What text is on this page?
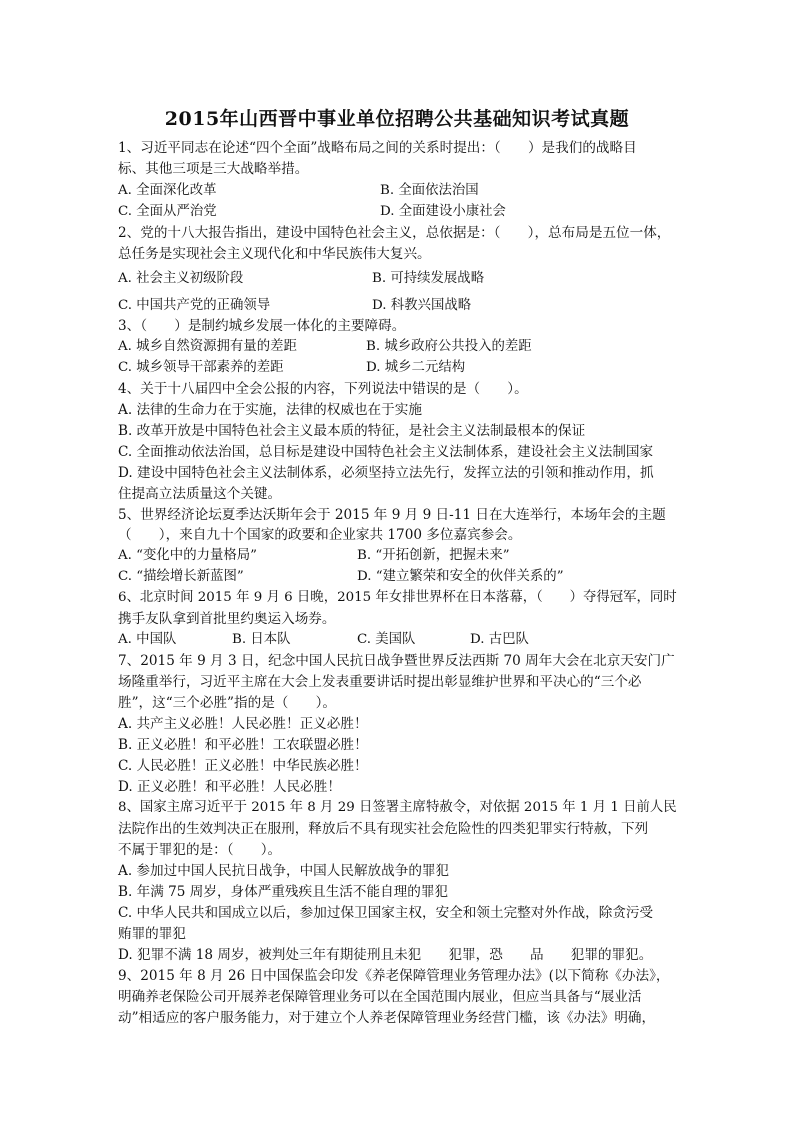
2015年山西晋中事业单位招聘公共基础知识考试真题
1、习近平同志在论述“四个全面”战略布局之间的关系时提出：（　　）是我们的战略目
标、其他三项是三大战略举措。
A. 全面深化改革	B. 全面依法治国
C. 全面从严治党	D. 全面建设小康社会
2、党的十八大报告指出，建设中国特色社会主义，总依据是：（　　），总布局是五位一体，
总任务是实现社会主义现代化和中华民族伟大复兴。
A. 社会主义初级阶段	B. 可持续发展战略
C. 中国共产党的正确领导	D. 科教兴国战略
3、（　　）是制约城乡发展一体化的主要障碍。
A. 城乡自然资源拥有量的差距	B. 城乡政府公共投入的差距
C. 城乡领导干部素养的差距	D. 城乡二元结构
4、关于十八届四中全会公报的内容，下列说法中错误的是（　　）。
A. 法律的生命力在于实施，法律的权威也在于实施
B. 改革开放是中国特色社会主义最本质的特征，是社会主义法制最根本的保证
C. 全面推动依法治国，总目标是建设中国特色社会主义法制体系，建设社会主义法制国家
D. 建设中国特色社会主义法制体系，必须坚持立法先行，发挥立法的引领和推动作用，抓
住提高立法质量这个关键。
5、世界经济论坛夏季达沃斯年会于 2015 年 9 月 9 日-11 日在大连举行，本场年会的主题
（　　），来自九十个国家的政要和企业家共 1700 多位嘉宾参会。
A. “变化中的力量格局”	B. “开拓创新，把握未来”
C. “描绘增长新蓝图”	D. “建立繁荣和安全的伙伴关系的”
6、北京时间 2015 年 9 月 6 日晚，2015 年女排世界杯在日本落幕，（　　）夺得冠军，同时
携手友队拿到首批里约奥运入场券。
A. 中国队	B. 日本队	C. 美国队	D. 古巴队
7、2015 年 9 月 3 日，纪念中国人民抗日战争暨世界反法西斯 70 周年大会在北京天安门广
场隆重举行，习近平主席在大会上发表重要讲话时提出彰显维护世界和平决心的“三个必
胜”，这“三个必胜”指的是（　　）。
A. 共产主义必胜！人民必胜！正义必胜！
B. 正义必胜！和平必胜！工农联盟必胜！
C. 人民必胜！正义必胜！中华民族必胜！
D. 正义必胜！和平必胜！人民必胜！
8、国家主席习近平于 2015 年 8 月 29 日签署主席特赦令，对依据 2015 年 1 月 1 日前人民
法院作出的生效判决正在服刑，释放后不具有现实社会危险性的四类犯罪实行特赦，下列
不属于罪犯的是：（　　）。
A. 参加过中国人民抗日战争，中国人民解放战争的罪犯
B. 年满 75 周岁，身体严重残疾且生活不能自理的罪犯
C. 中华人民共和国成立以后，参加过保卫国家主权，安全和领土完整对外作战，除贪污受
贿罪的罪犯
D. 犯罪不满 18 周岁，被判处三年有期徒刑且未犯　　犯罪，恐　　品　　犯罪的罪犯。
9、2015 年 8 月 26 日中国保监会印发《养老保障管理业务管理办法》(以下简称《办法》，
明确养老保险公司开展养老保障管理业务可以在全国范围内展业，但应当具备与“展业活
动”相适应的客户服务能力，对于建立个人养老保障管理业务经营门槛，该《办法》明确，
